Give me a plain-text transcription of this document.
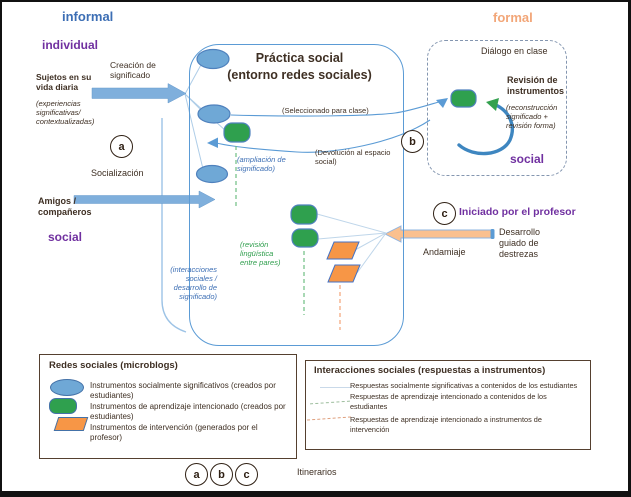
informal
individual
formal
social
social
Sujetos en su vida diaria
(experiencias significativas/ contextualizadas)
Creación de significado
Socialización
Amigos / compañeros
Práctica social
(entorno redes sociales)
(Seleccionado para clase)
(Devolución al espacio social)
(ampliación de significado)
(revisión lingüística entre pares)
(interacciones sociales / desarrollo de significado)
Diálogo en clase
Revisión de instrumentos
(reconstrucción significado + revisión forma)
Iniciado por el profesor
Desarrollo guiado de destrezas
Andamiaje
a	b
c
Redes sociales (microblogs)
Instrumentos socialmente significativos (creados por estudiantes)
Instrumentos de aprendizaje intencionado (creados por estudiantes)
Instrumentos de intervención (generados por el profesor)
Interacciones sociales (respuestas a instrumentos)
Respuestas socialmente significativas a contenidos de los estudiantes
Respuestas de aprendizaje intencionado a contenidos de los estudiantes
Respuestas de aprendizaje intencionado a instrumentos de intervención
a	b	c	Itinerarios
